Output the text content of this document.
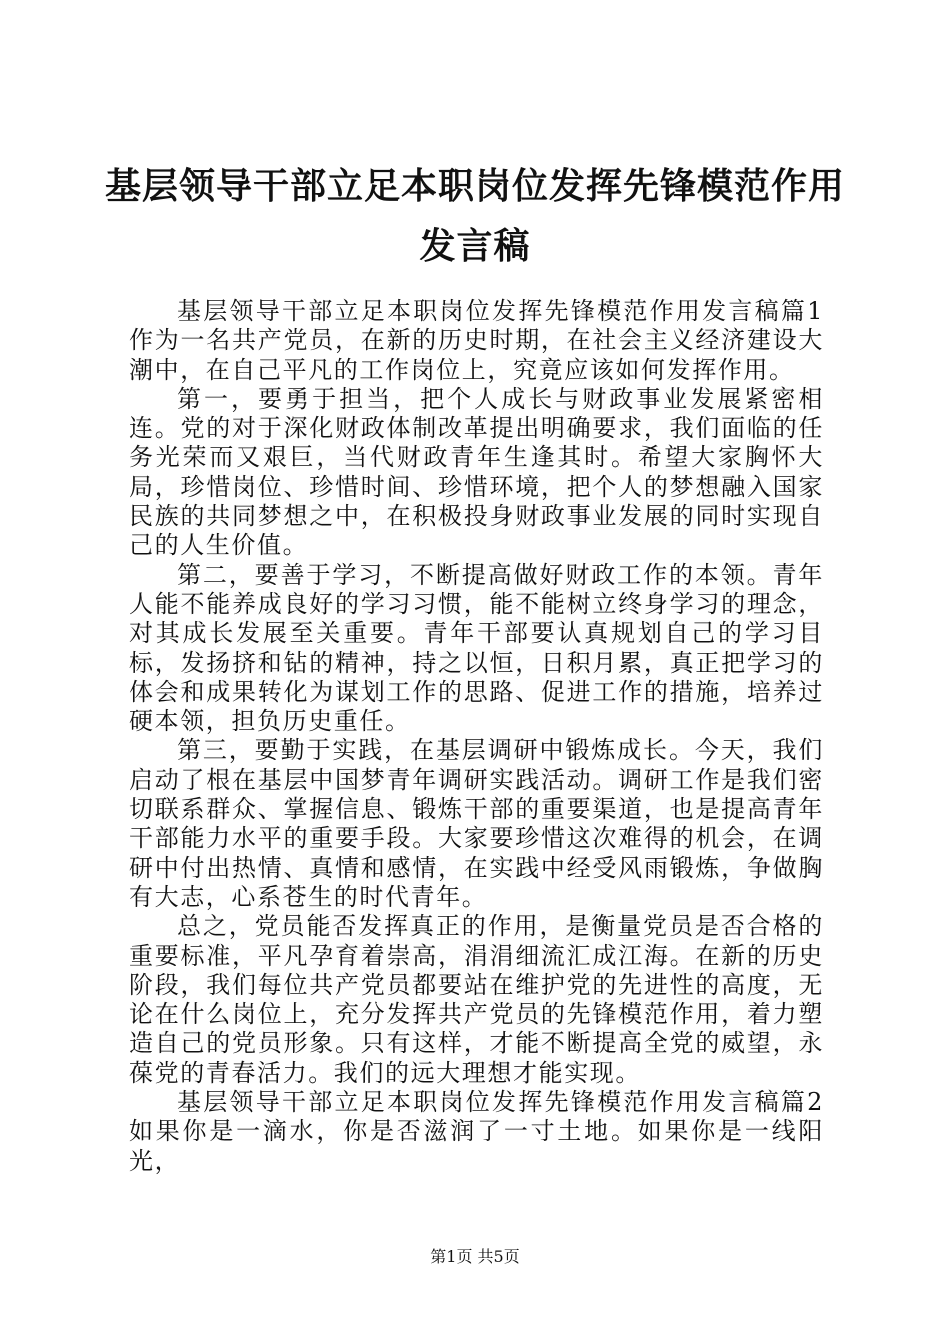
基层领导干部立足本职岗位发挥先锋模范作用
发言稿

基层领导干部立足本职岗位发挥先锋模范作用发言稿篇1作为一名共产党员，在新的历史时期，在社会主义经济建设大潮中，在自己平凡的工作岗位上，究竟应该如何发挥作用。

第一，要勇于担当，把个人成长与财政事业发展紧密相连。党的对于深化财政体制改革提出明确要求，我们面临的任务光荣而又艰巨，当代财政青年生逢其时。希望大家胸怀大局，珍惜岗位、珍惜时间、珍惜环境，把个人的梦想融入国家民族的共同梦想之中，在积极投身财政事业发展的同时实现自己的人生价值。

第二，要善于学习，不断提高做好财政工作的本领。青年人能不能养成良好的学习习惯，能不能树立终身学习的理念，对其成长发展至关重要。青年干部要认真规划自己的学习目标，发扬挤和钻的精神，持之以恒，日积月累，真正把学习的体会和成果转化为谋划工作的思路、促进工作的措施，培养过硬本领，担负历史重任。

第三，要勤于实践，在基层调研中锻炼成长。今天，我们启动了根在基层中国梦青年调研实践活动。调研工作是我们密切联系群众、掌握信息、锻炼干部的重要渠道，也是提高青年干部能力水平的重要手段。大家要珍惜这次难得的机会，在调研中付出热情、真情和感情，在实践中经受风雨锻炼，争做胸有大志，心系苍生的时代青年。

总之，党员能否发挥真正的作用，是衡量党员是否合格的重要标准，平凡孕育着崇高，涓涓细流汇成江海。在新的历史阶段，我们每位共产党员都要站在维护党的先进性的高度，无论在什么岗位上，充分发挥共产党员的先锋模范作用，着力塑造自己的党员形象。只有这样，才能不断提高全党的威望，永葆党的青春活力。我们的远大理想才能实现。

基层领导干部立足本职岗位发挥先锋模范作用发言稿篇2如果你是一滴水，你是否滋润了一寸土地。如果你是一线阳光，

第1页 共5页
